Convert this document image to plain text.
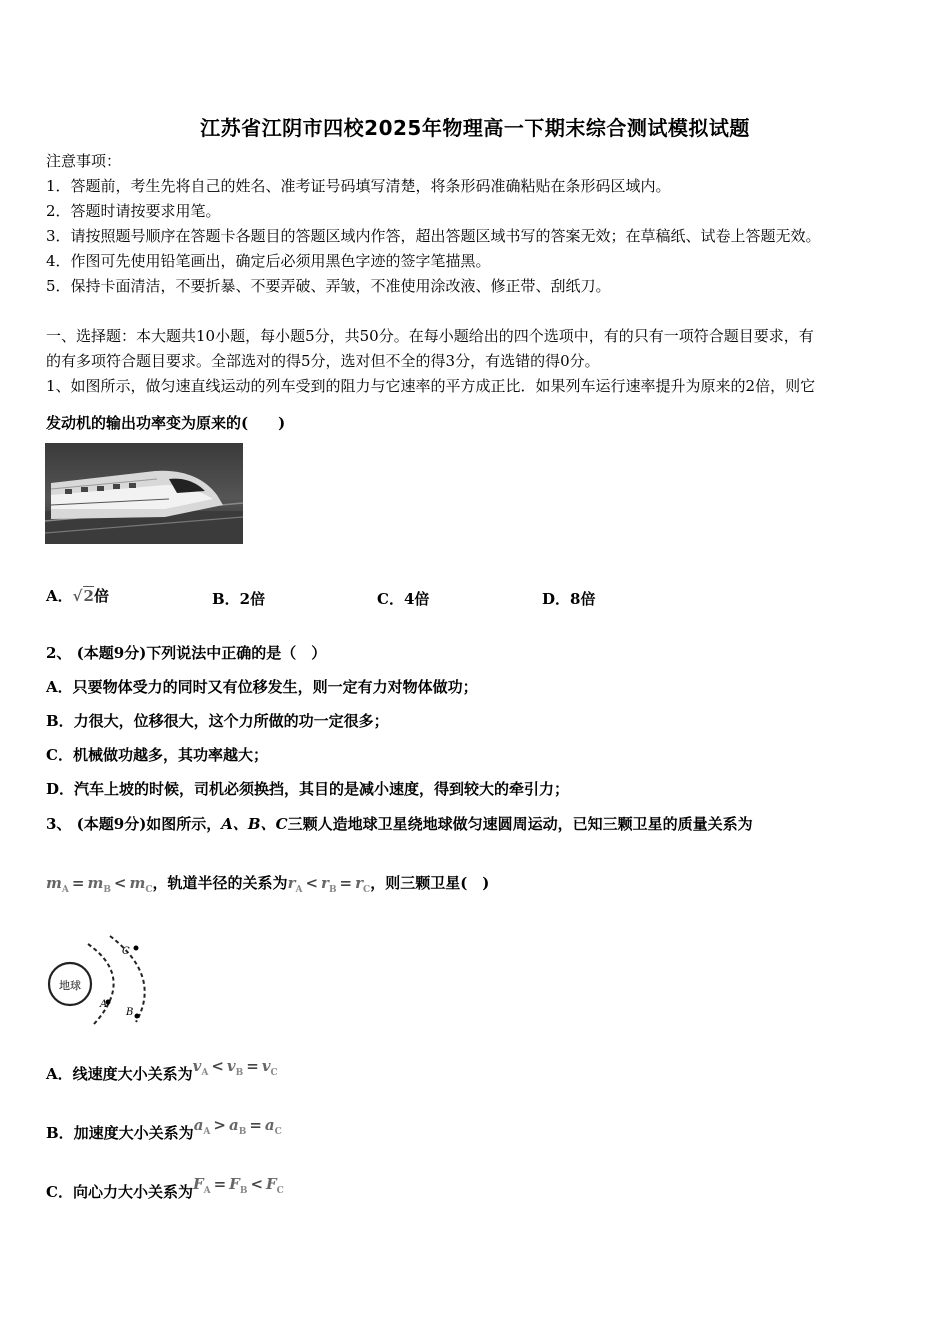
江苏省江阴市四校2025年物理高一下期末综合测试模拟试题
注意事项：
1．答题前，考生先将自己的姓名、准考证号码填写清楚，将条形码准确粘贴在条形码区域内。
2．答题时请按要求用笔。
3．请按照题号顺序在答题卡各题目的答题区域内作答，超出答题区域书写的答案无效；在草稿纸、试卷上答题无效。
4．作图可先使用铅笔画出，确定后必须用黑色字迹的签字笔描黑。
5．保持卡面清洁，不要折暴、不要弄破、弄皱，不准使用涂改液、修正带、刮纸刀。
一、选择题：本大题共10小题，每小题5分，共50分。在每小题给出的四个选项中，有的只有一项符合题目要求，有
的有多项符合题目要求。全部选对的得5分，选对但不全的得3分，有选错的得0分。
1、如图所示，做匀速直线运动的列车受到的阻力与它速率的平方成正比．如果列车运行速率提升为原来的2倍，则它
发动机的输出功率变为原来的(　　)
A．√2倍	B．2倍	C．4倍	D．8倍
2、 (本题9分)下列说法中正确的是（　）
A．只要物体受力的同时又有位移发生，则一定有力对物体做功；
B．力很大，位移很大，这个力所做的功一定很多；
C．机械做功越多，其功率越大；
D．汽车上坡的时候，司机必须换挡，其目的是减小速度，得到较大的牵引力；
3、 (本题9分)如图所示，A、B、C三颗人造地球卫星绕地球做匀速圆周运动，已知三颗卫星的质量关系为
$m_A = m_B < m_C$，轨道半径的关系为$r_A < r_B = r_C$，则三颗卫星(　)
地球
A
B
C
A．线速度大小关系为$v_A < v_B = v_C$
B．加速度大小关系为$a_A > a_B = a_C$
C．向心力大小关系为$F_A = F_B < F_C$
